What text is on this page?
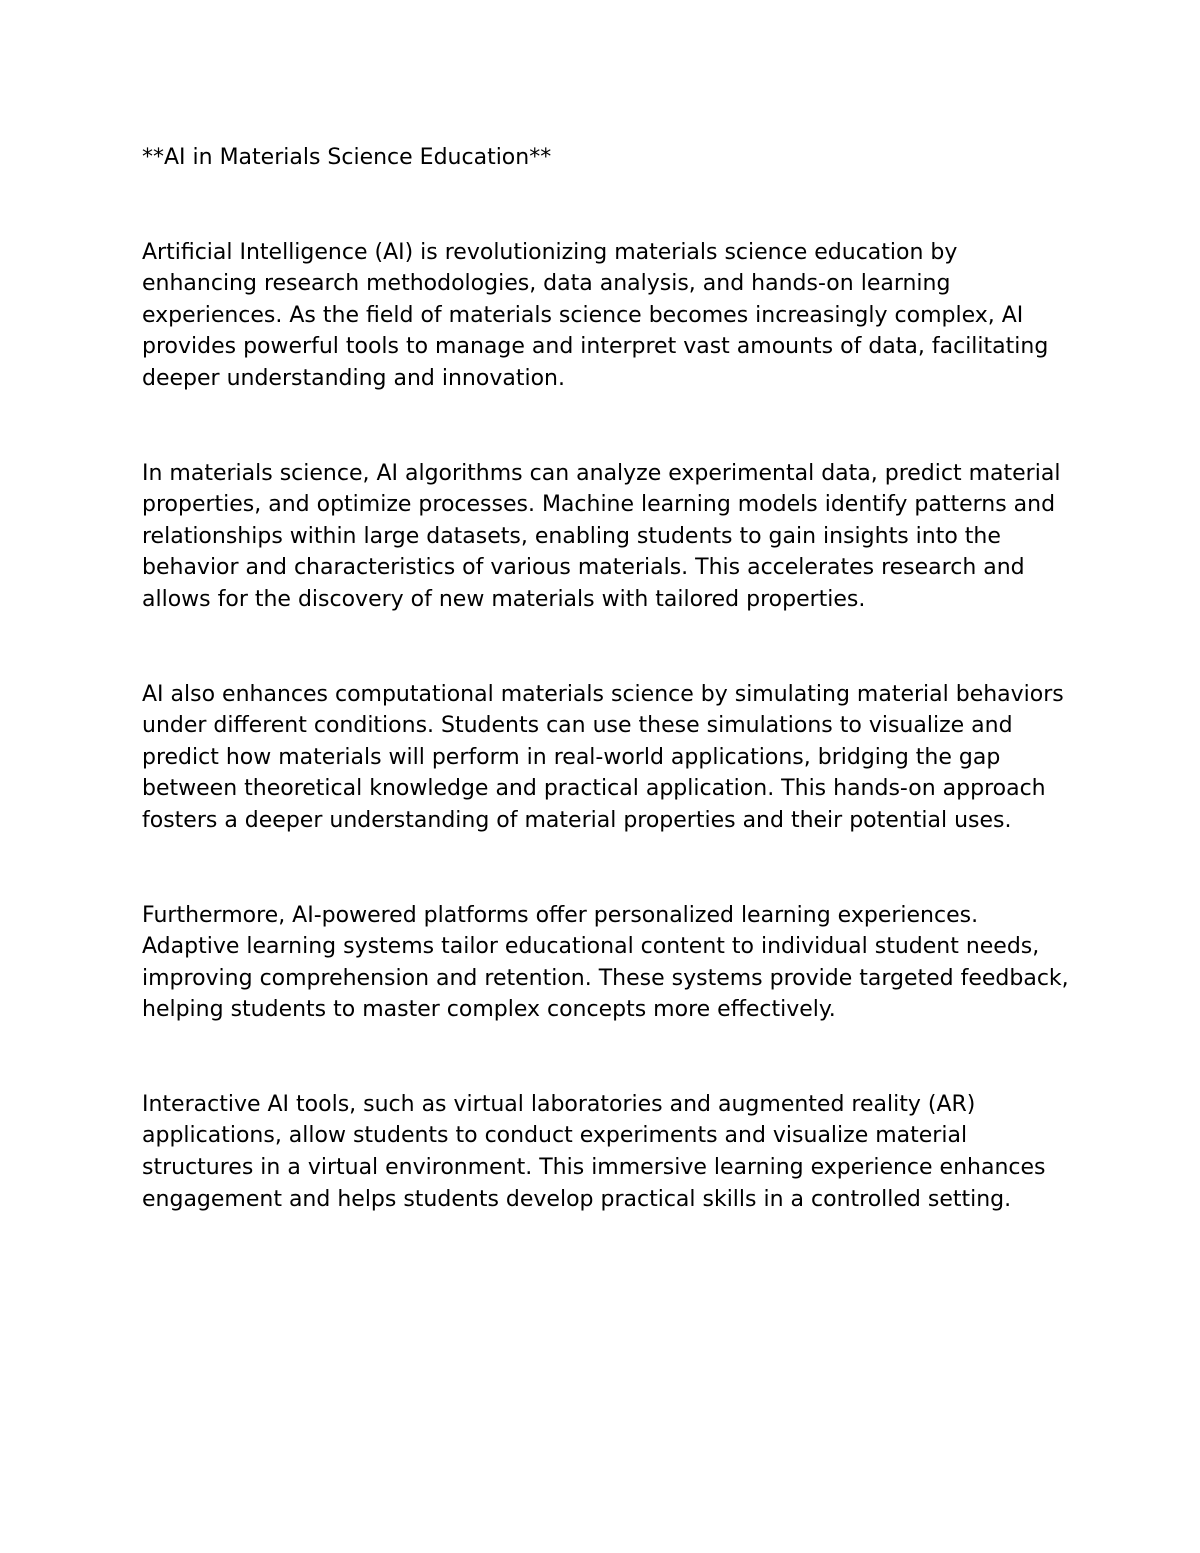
**AI in Materials Science Education**

Artificial Intelligence (AI) is revolutionizing materials science education by enhancing research methodologies, data analysis, and hands-on learning experiences. As the field of materials science becomes increasingly complex, AI provides powerful tools to manage and interpret vast amounts of data, facilitating deeper understanding and innovation.

In materials science, AI algorithms can analyze experimental data, predict material properties, and optimize processes. Machine learning models identify patterns and relationships within large datasets, enabling students to gain insights into the behavior and characteristics of various materials. This accelerates research and allows for the discovery of new materials with tailored properties.

AI also enhances computational materials science by simulating material behaviors under different conditions. Students can use these simulations to visualize and predict how materials will perform in real-world applications, bridging the gap between theoretical knowledge and practical application. This hands-on approach fosters a deeper understanding of material properties and their potential uses.

Furthermore, AI-powered platforms offer personalized learning experiences. Adaptive learning systems tailor educational content to individual student needs, improving comprehension and retention. These systems provide targeted feedback, helping students to master complex concepts more effectively.

Interactive AI tools, such as virtual laboratories and augmented reality (AR) applications, allow students to conduct experiments and visualize material structures in a virtual environment. This immersive learning experience enhances engagement and helps students develop practical skills in a controlled setting.
